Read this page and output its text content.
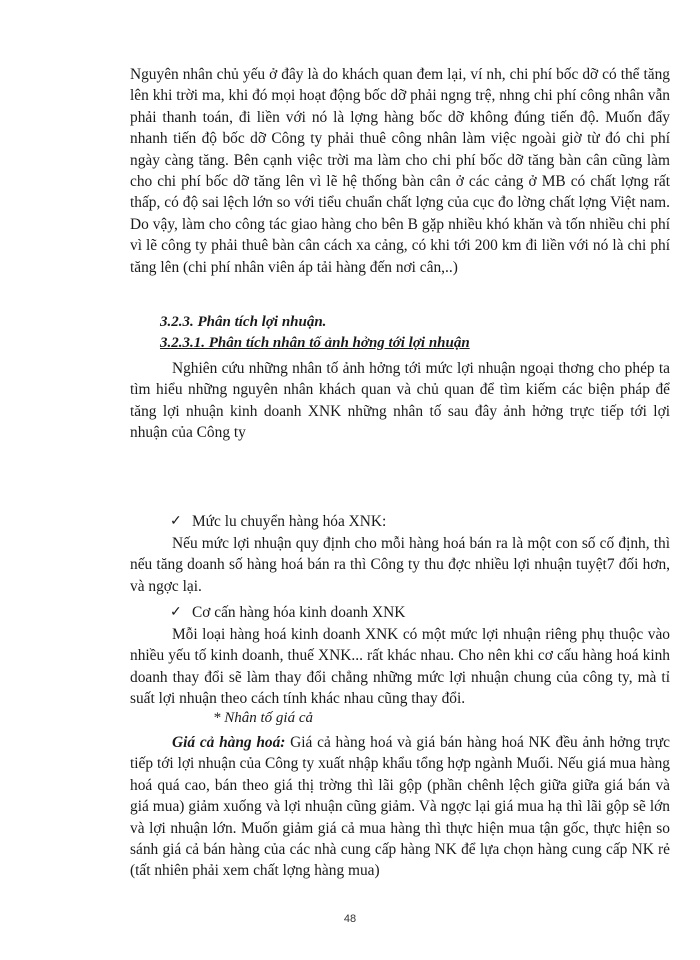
Nguyên nhân chủ yếu ở đây là do khách quan đem lại, ví nh, chi phí bốc dỡ có thể tăng lên khi trời ma, khi đó mọi hoạt động bốc dỡ phải ngng trệ, nhng chi phí công nhân vẫn phải thanh toán, đi liền với nó là lợng hàng bốc dỡ không đúng tiến độ. Muốn đẩy nhanh tiến độ bốc dỡ Công ty phải thuê công nhân làm việc ngoài giờ từ đó chi phí ngày càng tăng. Bên cạnh việc trời ma làm cho chi phí bốc dỡ tăng bàn cân cũng làm cho chi phí bốc dỡ tăng lên vì lẽ hệ thống bàn cân ở các cảng ở MB có chất lợng rất thấp, có độ sai lệch lớn so với tiểu chuẩn chất lợng của cục đo lờng chất lợng Việt nam. Do vậy, làm cho công tác giao hàng cho bên B gặp nhiều khó khăn và tốn nhiều chi phí vì lẽ công ty phải thuê bàn cân cách xa cảng, có khi tới 200 km đi liền với nó là chi phí tăng lên (chi phí nhân viên áp tải hàng đến nơi cân,..)

3.2.3. Phân tích lợi nhuận.

3.2.3.1. Phân tích nhân tố ảnh hởng tới lợi nhuận

Nghiên cứu những nhân tố ảnh hởng tới mức lợi nhuận ngoại thơng cho phép ta tìm hiểu những nguyên nhân khách quan và chủ quan để tìm kiếm các biện pháp để tăng lợi nhuận kinh doanh XNK những nhân tố sau đây ảnh hởng trực tiếp tới lợi nhuận của Công ty

✓ Mức lu chuyển hàng hóa XNK:

Nếu mức lợi nhuận quy định cho mỗi hàng hoá bán ra là một con số cố định, thì nếu tăng doanh số hàng hoá bán ra thì Công ty thu đợc nhiều lợi nhuận tuyệt7 đối hơn, và ngợc lại.

✓ Cơ cấn hàng hóa kinh doanh XNK

Mỗi loại hàng hoá kinh doanh XNK có một mức lợi nhuận riêng phụ thuộc vào nhiều yếu tố kinh doanh, thuế XNK... rất khác nhau. Cho nên khi cơ cấu hàng hoá kinh doanh thay đổi sẽ làm thay đổi chẳng những mức lợi nhuận chung của công ty, mà tỉ suất lợi nhuận theo cách tính khác nhau cũng thay đổi.

* Nhân tố giá cả

Giá cả hàng hoá: Giá cả hàng hoá và giá bán hàng hoá NK đều ảnh hởng trực tiếp tới lợi nhuận của Công ty xuất nhập khẩu tổng hợp ngành Muối. Nếu giá mua hàng hoá quá cao, bán theo giá thị trờng thì lãi gộp (phần chênh lệch giữa giữa giá bán và giá mua) giảm xuống và lợi nhuận cũng giảm. Và ngợc lại giá mua hạ thì lãi gộp sẽ lớn và lợi nhuận lớn. Muốn giảm giá cả mua hàng thì thực hiện mua tận gốc, thực hiện so sánh giá cả bán hàng của các nhà cung cấp hàng NK để lựa chọn hàng cung cấp NK rẻ (tất nhiên phải xem chất lợng hàng mua)

48
